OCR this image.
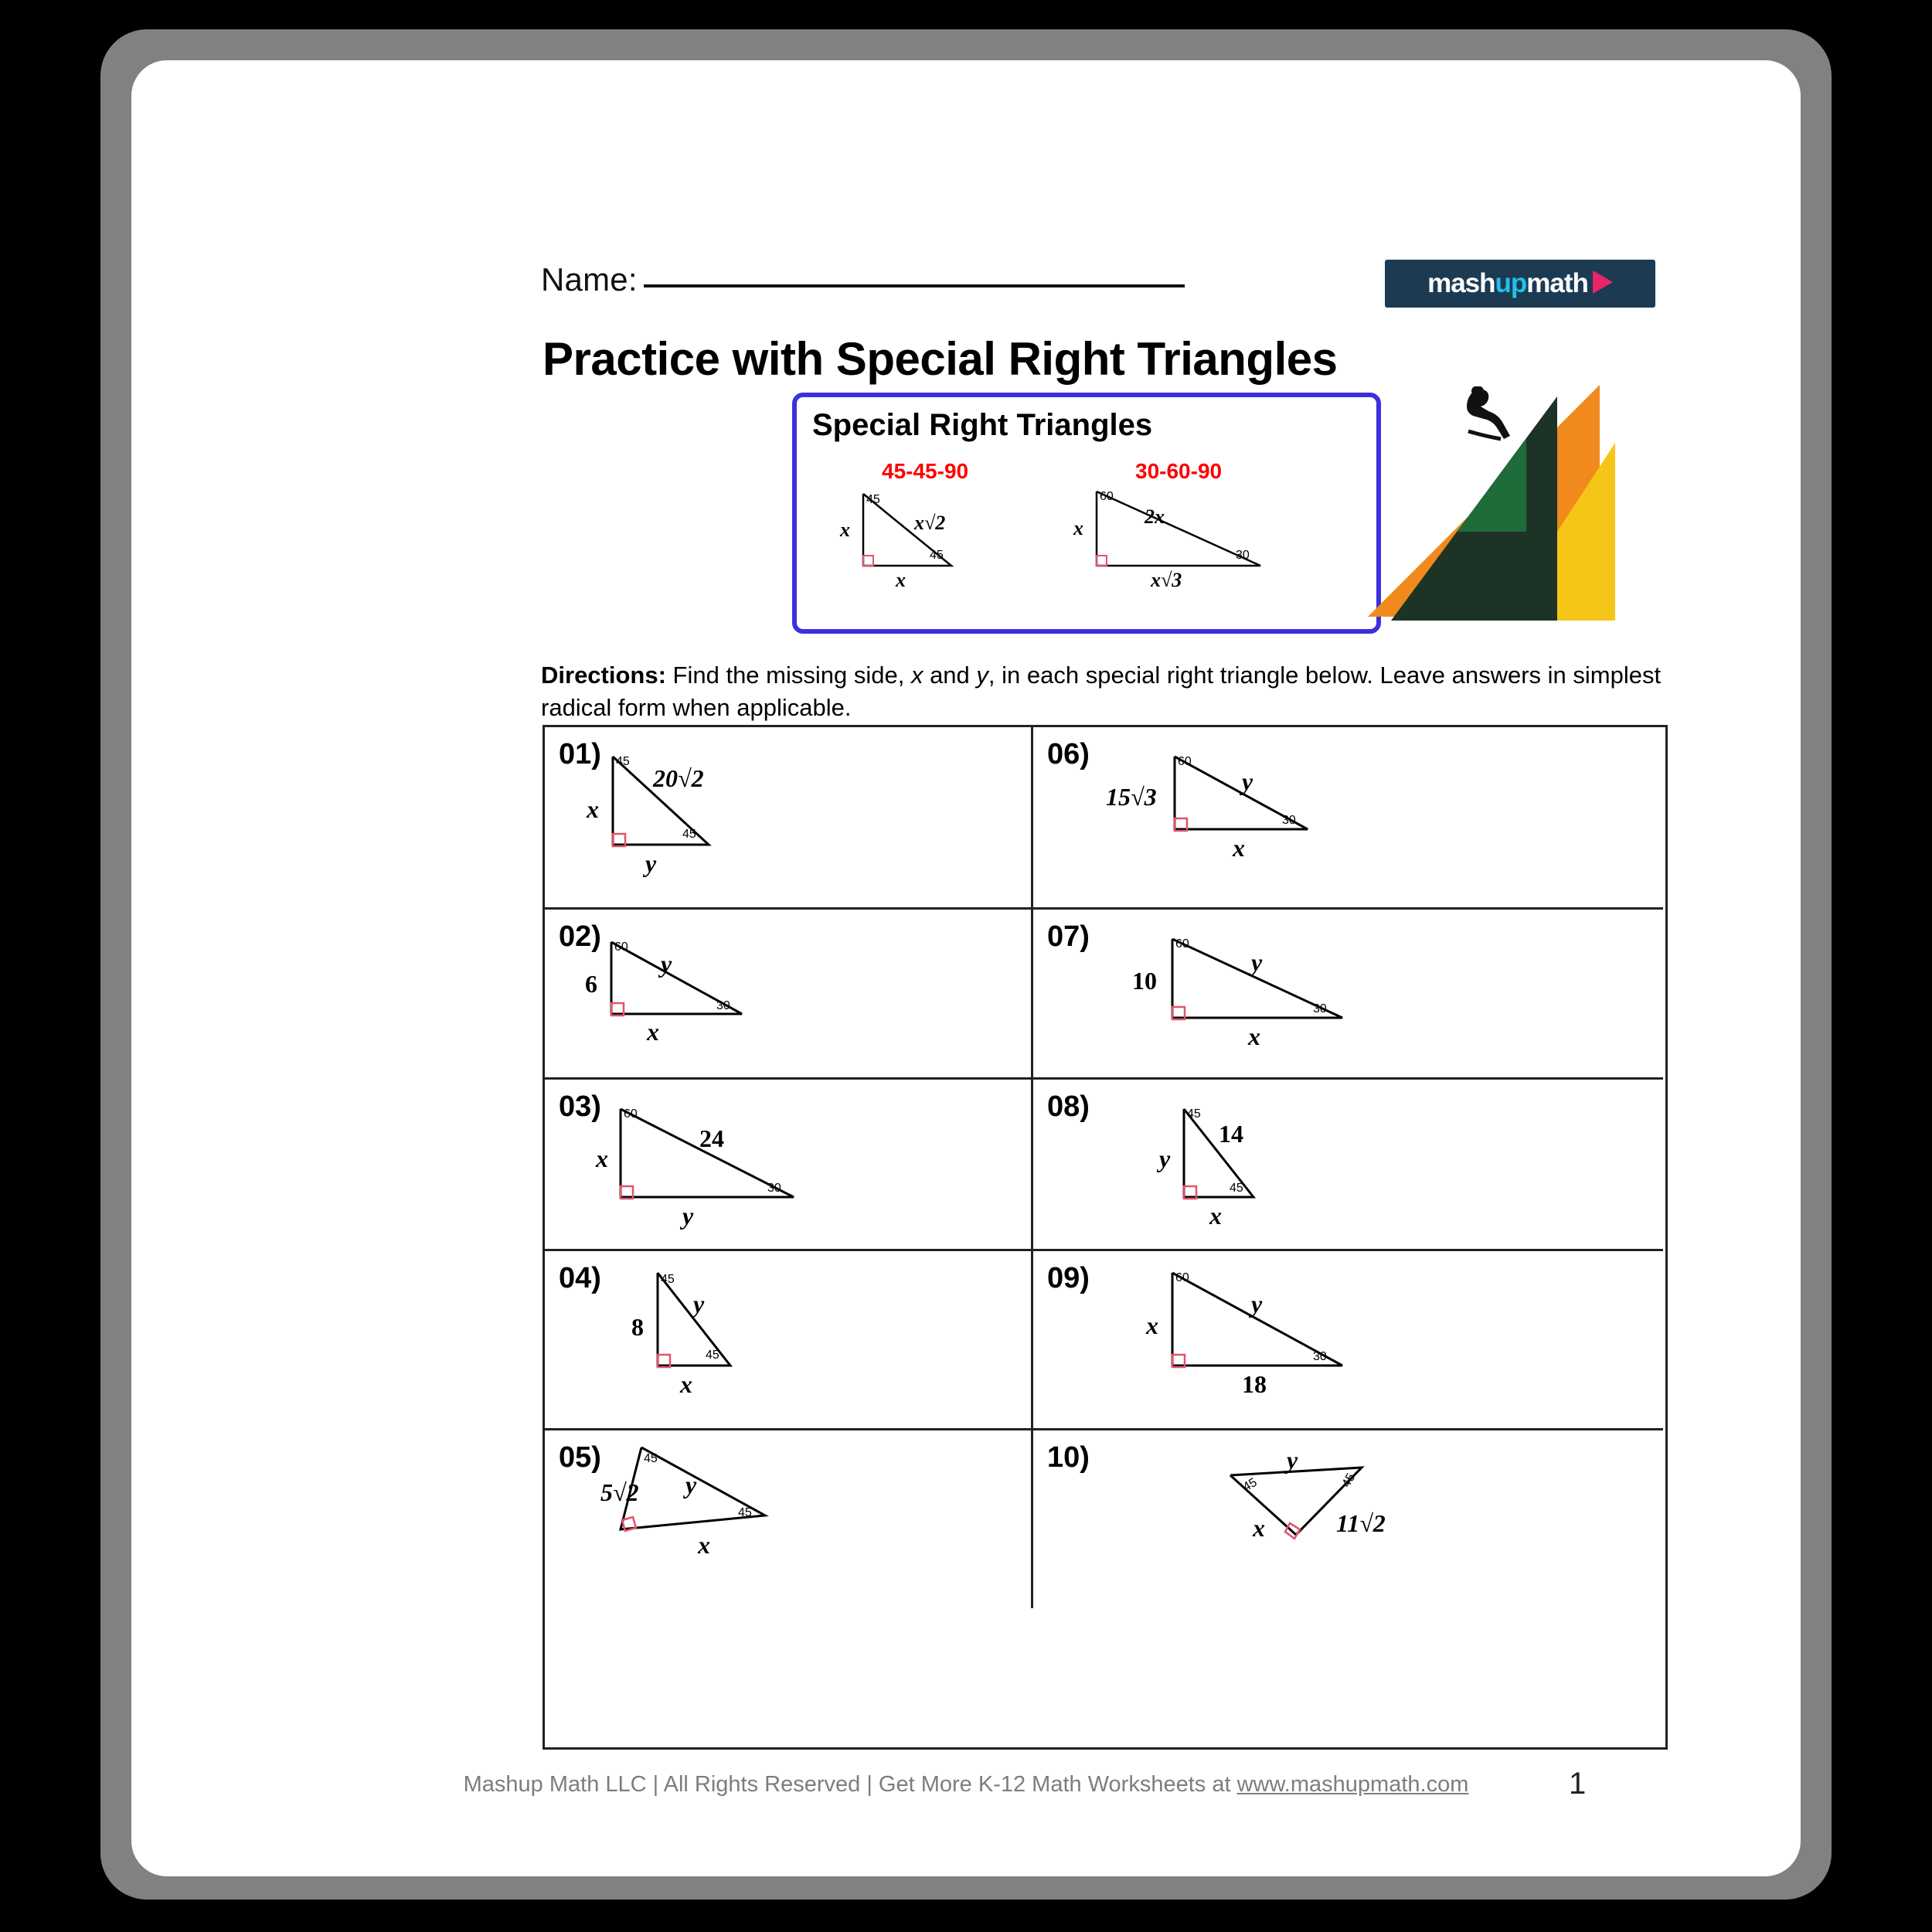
Name:	mashupmath
Practice with Special Right Triangles
Special Right Triangles
45-45-90	30-60-90
45
45
x	x√2
x
60
30
x
2x
x√3
Directions: Find the missing side, x and y, in each special right triangle below. Leave answers in simplest radical form when applicable.
01) 45
45
x
20√2
y
06)	60
30
15√3
y
x
02) 60
30
6
y
x
07)	60
30
10
y
x
03) 60
30
x
24
y
08)	45
45
y
14
x
04)	45
45
8
y
x
09)	60
30
x
y
18
05)	45
45
5√2 y
x
10)
45	45
x
y
11√2
Mashup Math LLC | All Rights Reserved | Get More K-12 Math Worksheets at www.mashupmath.com	1
